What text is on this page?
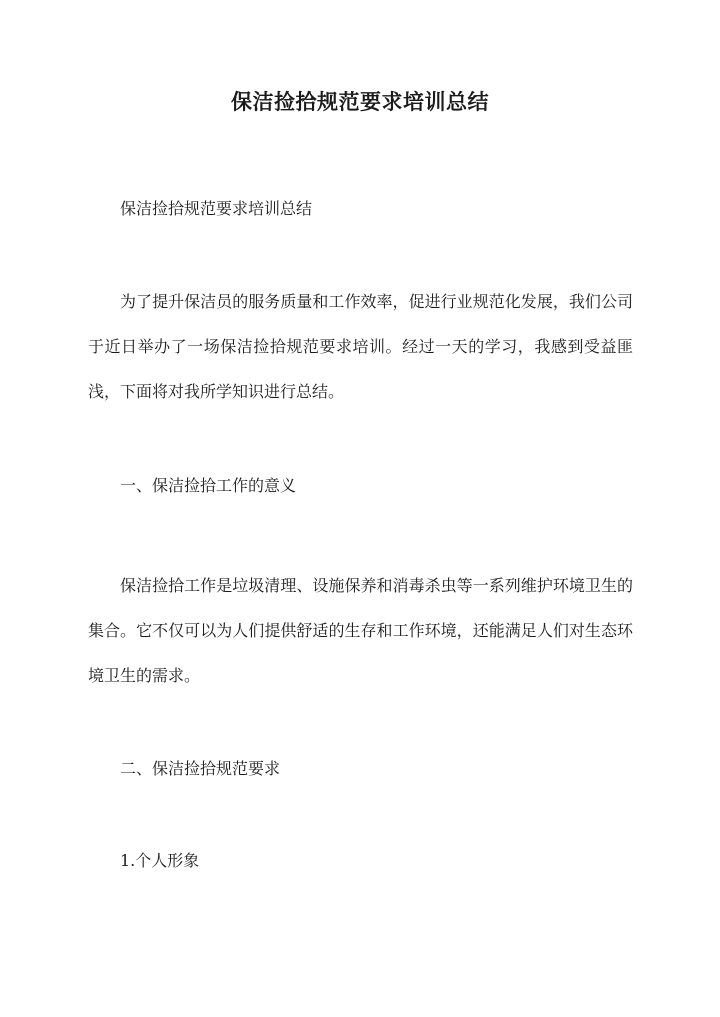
保洁捡拾规范要求培训总结
保洁捡拾规范要求培训总结
为了提升保洁员的服务质量和工作效率，促进行业规范化发展，我们公司于近日举办了一场保洁捡拾规范要求培训。经过一天的学习，我感到受益匪浅，下面将对我所学知识进行总结。
一、保洁捡拾工作的意义
保洁捡拾工作是垃圾清理、设施保养和消毒杀虫等一系列维护环境卫生的集合。它不仅可以为人们提供舒适的生存和工作环境，还能满足人们对生态环境卫生的需求。
二、保洁捡拾规范要求
1.个人形象
